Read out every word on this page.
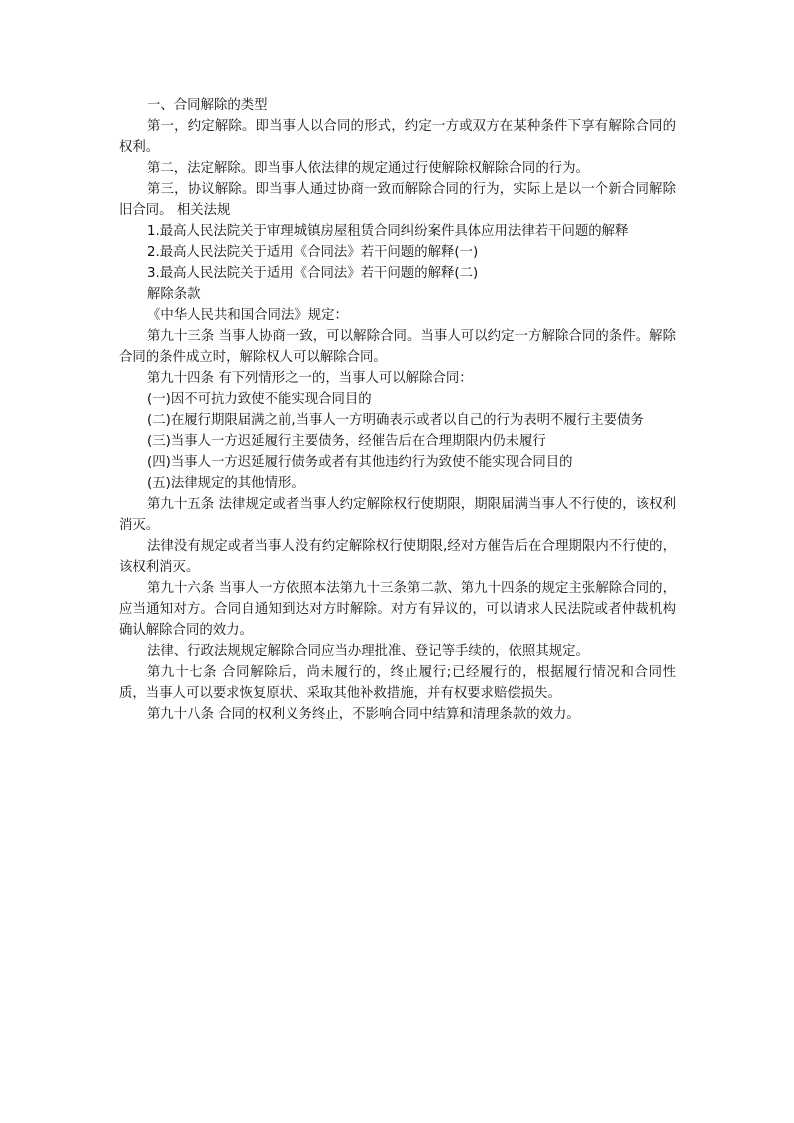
一、合同解除的类型

第一，约定解除。即当事人以合同的形式，约定一方或双方在某种条件下享有解除合同的权利。

第二，法定解除。即当事人依法律的规定通过行使解除权解除合同的行为。

第三，协议解除。即当事人通过协商一致而解除合同的行为，实际上是以一个新合同解除旧合同。 相关法规

1.最高人民法院关于审理城镇房屋租赁合同纠纷案件具体应用法律若干问题的解释

2.最高人民法院关于适用《合同法》若干问题的解释(一)

3.最高人民法院关于适用《合同法》若干问题的解释(二)

解除条款

《中华人民共和国合同法》规定：

第九十三条 当事人协商一致，可以解除合同。当事人可以约定一方解除合同的条件。解除合同的条件成立时，解除权人可以解除合同。

第九十四条 有下列情形之一的，当事人可以解除合同：

(一)因不可抗力致使不能实现合同目的

(二)在履行期限届满之前,当事人一方明确表示或者以自己的行为表明不履行主要债务

(三)当事人一方迟延履行主要债务，经催告后在合理期限内仍未履行

(四)当事人一方迟延履行债务或者有其他违约行为致使不能实现合同目的

(五)法律规定的其他情形。

第九十五条 法律规定或者当事人约定解除权行使期限，期限届满当事人不行使的，该权利消灭。

法律没有规定或者当事人没有约定解除权行使期限,经对方催告后在合理期限内不行使的，该权利消灭。

第九十六条 当事人一方依照本法第九十三条第二款、第九十四条的规定主张解除合同的，应当通知对方。合同自通知到达对方时解除。对方有异议的，可以请求人民法院或者仲裁机构确认解除合同的效力。

法律、行政法规规定解除合同应当办理批准、登记等手续的，依照其规定。

第九十七条 合同解除后，尚未履行的，终止履行;已经履行的，根据履行情况和合同性质，当事人可以要求恢复原状、采取其他补救措施，并有权要求赔偿损失。

第九十八条 合同的权利义务终止，不影响合同中结算和清理条款的效力。
